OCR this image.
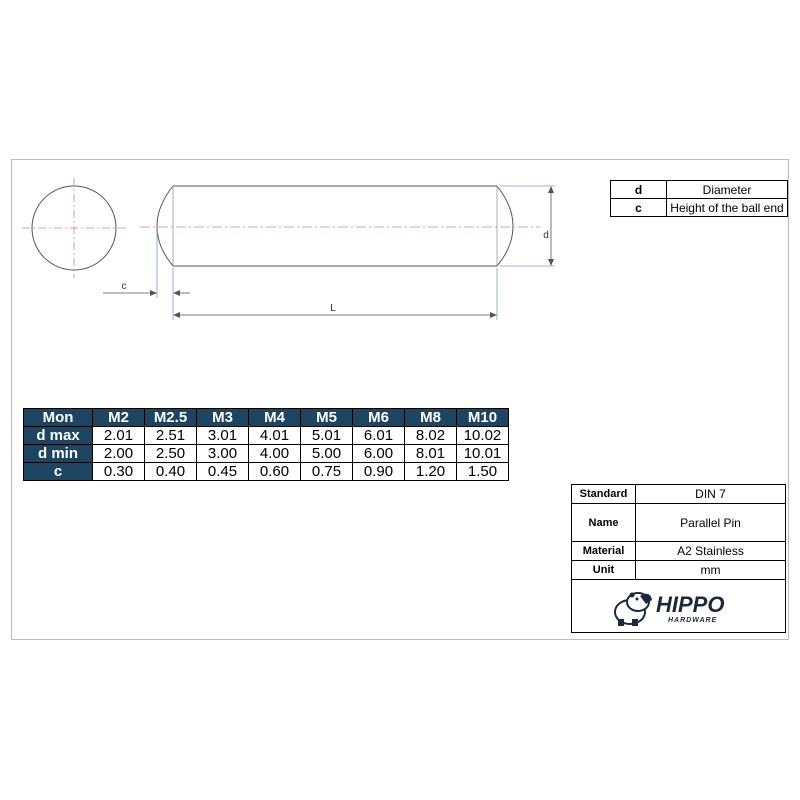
d
c
L
d	Diameter
c	Height of the ball end
Mon	M2	M2.5	M3	M4	M5	M6	M8	M10
d max	2.01	2.51	3.01	4.01	5.01	6.01	8.02	10.02
d min	2.00	2.50	3.00	4.00	5.00	6.00	8.01	10.01
c	0.30	0.40	0.45	0.60	0.75	0.90	1.20	1.50
Standard	DIN 7
Name	Parallel Pin
Material	A2 Stainless
Unit	mm

HIPPO
HARDWARE	
